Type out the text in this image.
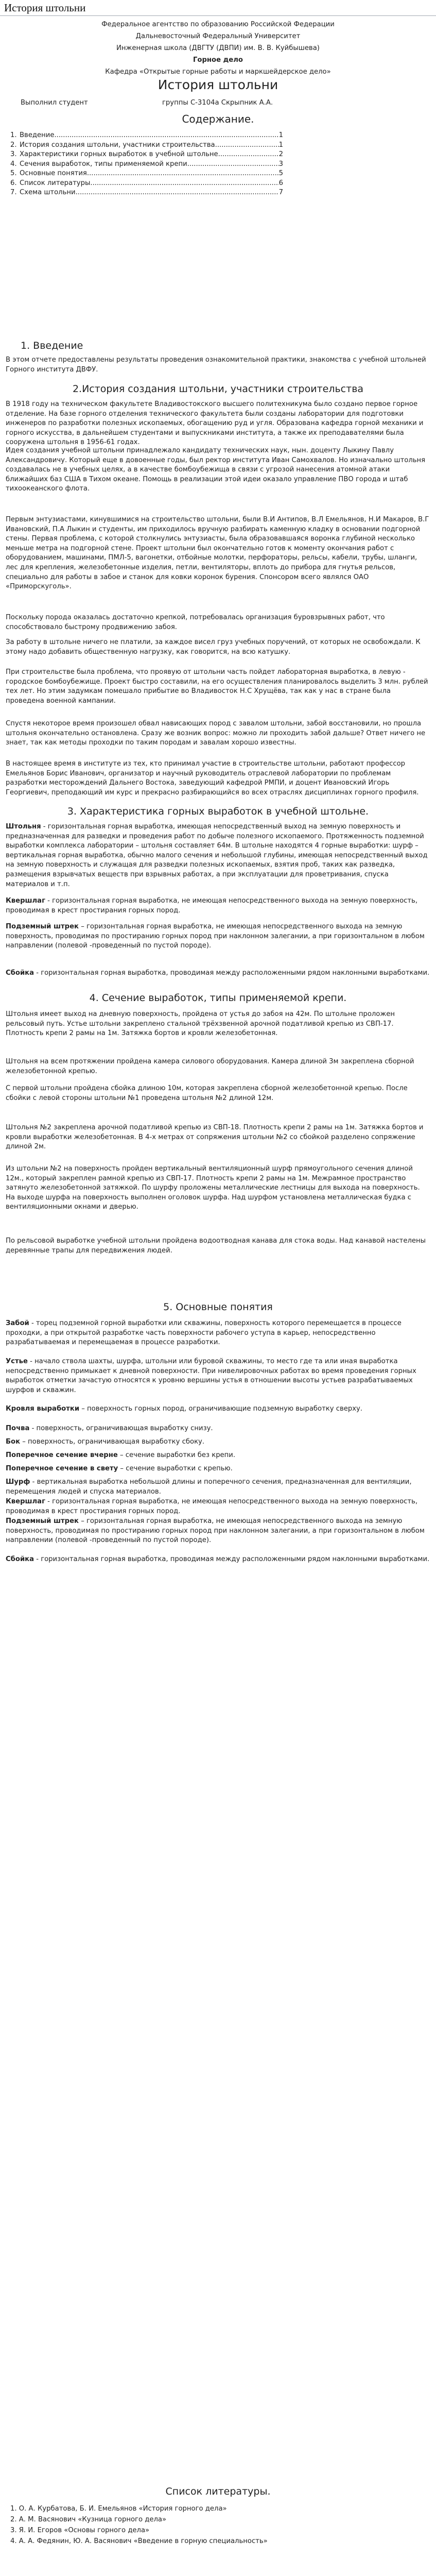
История штольни
Федеральное агентство по образованию Российской Федерации
Дальневосточный Федеральный Университет
Инженерная школа (ДВГТУ (ДВПИ) им. В. В. Куйбышева)
Горное дело
Кафедра «Открытые горные работы и маркшейдерское дело»
История штольни
Выполнил студент	группы С-3104а Скрыпник А.А.
Содержание.
1. Введение .....	1
2. История создания штольни, участники строительства .....	1
3. Характеристики горных выработок в учебной штольне .....	2
4. Сечения выработок, типы применяемой крепи .....	3
5. Основные понятия .....	5
6. Список литературы .....	6
7. Схема штольни .....	7
1. Введение
В этом отчете предоставлены результаты проведения ознакомительной практики, знакомства с учебной штольней Горного института ДВФУ.
2.История создания штольни, участники строительства
В 1918 году на техническом факультете Владивостокского высшего политехникума было создано первое горное отделение. На базе горного отделения технического факультета были созданы лаборатории для подготовки инженеров по разработки полезных ископаемых, обогащению руд и угля. Образована кафедра горной механики и горного искусства, в дальнейшем студентами и выпускниками института, а также их преподавателями была сооружена штольня в 1956-61 годах.
Идея создания учебной штольни принадлежало кандидату технических наук, нын. доценту Лыкину Павлу Александровичу. Который еще в довоенные годы, был ректор института Иван Самохвалов. Но изначально штольня создавалась не в учебных целях, а в качестве бомбоубежища в связи с угрозой нанесения атомной атаки ближайших баз США в Тихом океане. Помощь в реализации этой идеи оказало управление ПВО города и штаб тихоокеанского флота.
Первым энтузиастами, кинувшимися на строительство штольни, были В.И Антипов, В.Л Емельянов, Н.И Макаров, В.Г Ивановский, П.А Лыкин и студенты, им приходилось вручную разбирать каменную кладку в основании подгорной стены. Первая проблема, с которой столкнулись энтузиасты, была образовавшаяся воронка глубиной несколько меньше метра на подгорной стене. Проект штольни был окончательно готов к моменту окончания работ с оборудованием, машинами, ПМЛ-5, вагонетки, отбойные молотки, перфораторы, рельсы, кабели, трубы, шланги, лес для крепления, железобетонные изделия, петли, вентиляторы, вплоть до прибора для гнутья рельсов, специально для работы в забое и станок для ковки коронок бурения. Спонсором всего являлся ОАО «Приморскуголь».
Поскольку порода оказалась достаточно крепкой, потребовалась организация буровзрывных работ, что способствовало быстрому продвижению забоя.
За работу в штольне ничего не платили, за каждое висел груз учебных поручений, от которых не освобождали. К этому надо добавить общественную нагрузку, как говорится, на всю катушку.
При строительстве была проблема, что проявую от штольни часть пойдет лабораторная выработка, в левую - городское бомбоубежище. Проект быстро составили, на его осуществления планировалось выделить 3 млн. рублей тех лет. Но этим задумкам помешало прибытие во Владивосток Н.С Хрущёва, так как у нас в стране была проведена военной кампании.
Спустя некоторое время произошел обвал нависающих пород с завалом штольни, забой восстановили, но прошла штольня окончательно остановлена. Сразу же возник вопрос: можно ли проходить забой дальше? Ответ ничего не знает, так как методы проходки по таким породам и завалам хорошо известны.
В настоящее время в институте из тех, кто принимал участие в строительстве штольни, работают профессор Емельянов Борис Иванович, организатор и научный руководитель отраслевой лаборатории по проблемам разработки месторождений Дальнего Востока, заведующий кафедрой РМПИ, и доцент Ивановский Игорь Георгиевич, преподающий им курс и прекрасно разбирающийся во всех отраслях дисциплинах горного профиля.
3. Характеристика горных выработок в учебной штольне.

Штольня - горизонтальная горная выработка, имеющая непосредственный выход на земную поверхность и предназначенная для разведки и проведения работ по добыче полезного ископаемого. Протяженность подземной выработки комплекса лаборатории – штольня составляет 64м. В штольне находятся 4 горные выработки: шурф – вертикальная горная выработка, обычно малого сечения и небольшой глубины, имеющая непосредственный выход на земную поверхность и служащая для разведки полезных ископаемых, взятия проб, таких как разведка, размещения взрывчатых веществ при взрывных работах, а при эксплуатации для проветривания, спуска материалов и т.п.

Квершлаг - горизонтальная горная выработка, не имеющая непосредственного выхода на земную поверхность, проводимая в крест простирания горных пород.

Подземный штрек – горизонтальная горная выработка, не имеющая непосредственного выхода на земную поверхность, проводимая по простиранию горных пород при наклонном залегании, а при горизонтальном в любом направлении (полевой -проведенный по пустой породе).

Сбойка - горизонтальная горная выработка, проводимая между расположенными рядом наклонными выработками.

4. Сечение выработок, типы применяемой крепи.
Штольня имеет выход на дневную поверхность, пройдена от устья до забоя на 42м. По штольне проложен рельсовый путь. Устье штольни закреплено стальной трёхзвенной арочной податливой крепью из СВП-17. Плотность крепи 2 рамы на 1м. Затяжка бортов и кровли железобетонная.
Штольня на всем протяжении пройдена камера силового оборудования. Камера длиной 3м закреплена сборной железобетонной крепью.
С первой штольни пройдена сбойка длиною 10м, которая закреплена сборной железобетонной крепью. После сбойки с левой стороны штольни №1 проведена штольня №2 длиной 12м.
Штольня №2 закреплена арочной податливой крепью из СВП-18. Плотность крепи 2 рамы на 1м. Затяжка бортов и кровли выработки железобетонная. В 4-х метрах от сопряжения штольни №2 со сбойкой разделено сопряжение длиной 2м.
Из штольни №2 на поверхность пройден вертикальный вентиляционный шурф прямоугольного сечения длиной 12м., который закреплен рамной крепью из СВП-17. Плотность крепи 2 рамы на 1м. Межрамное пространство затянуто железобетонной затяжкой. По шурфу проложены металлические лестницы для выхода на поверхность. На выходе шурфа на поверхность выполнен оголовок шурфа. Над шурфом установлена металлическая будка с вентиляционными окнами и дверью.
По рельсовой выработке учебной штольни пройдена водоотводная канава для стока воды. Над канавой настелены деревянные трапы для передвижения людей.
5. Основные понятия

Забой - торец подземной горной выработки или скважины, поверхность которого перемещается в процессе проходки, а при открытой разработке часть поверхности рабочего уступа в карьер, непосредственно разрабатываемая и перемещаемая в процессе разработки.

Устье - начало ствола шахты, шурфа, штольни или буровой скважины, то место где та или иная выработка непосредственно примыкает к дневной поверхности. При нивелировочных работах во время проведения горных выработок отметки зачастую относятся к уровню вершины устья в отношении высоты устьев разрабатываемых шурфов и скважин.

Кровля выработки – поверхность горных пород, ограничивающие подземную выработку сверху.

Почва - поверхность, ограничивающая выработку снизу.

Бок – поверхность, ограничивающая выработку сбоку.

Поперечное сечение вчерне – сечение выработки без крепи.

Поперечное сечение в свету – сечение выработки с крепью.

Шурф - вертикальная выработка небольшой длины и поперечного сечения, предназначенная для вентиляции, перемещения людей и спуска материалов.

Квершлаг - горизонтальная горная выработка, не имеющая непосредственного выхода на земную поверхность, проводимая в крест простирания горных пород.

Подземный штрек – горизонтальная горная выработка, не имеющая непосредственного выхода на земную поверхность, проводимая по простиранию горных пород при наклонном залегании, а при горизонтальном в любом направлении (полевой -проведенный по пустой породе).

Сбойка - горизонтальная горная выработка, проводимая между расположенными рядом наклонными выработками.

Список литературы.
1. О. А. Курбатова, Б. И. Емельянов «История горного дела»
2. А. М. Васянович «Кузница горного дела»
3. Я. И. Егоров «Основы горного дела»
4. А. А. Федянин, Ю. А. Васянович «Введение в горную специальность»
